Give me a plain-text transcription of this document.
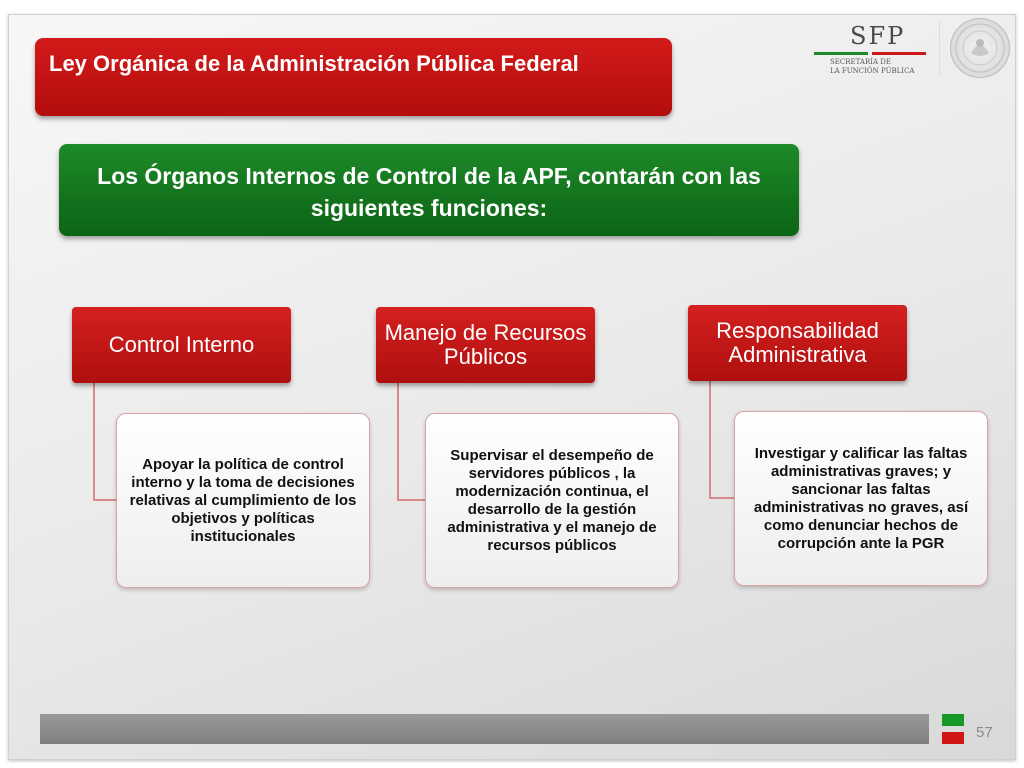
Ley Orgánica de la Administración Pública Federal
SFP
SECRETARÍA DE
LA FUNCIÓN PÚBLICA
Los Órganos Internos de Control de la APF, contarán con las siguientes funciones:
Control Interno	Manejo de Recursos Públicos
Responsabilidad Administrativa
Apoyar la política de control interno y la toma de decisiones relativas al cumplimiento de los objetivos y políticas institucionales
Supervisar el desempeño de servidores públicos , la modernización continua, el desarrollo de la gestión administrativa y el manejo de recursos públicos
Investigar y calificar las faltas administrativas graves; y sancionar las faltas administrativas no graves, así como denunciar hechos de corrupción ante la PGR
57
